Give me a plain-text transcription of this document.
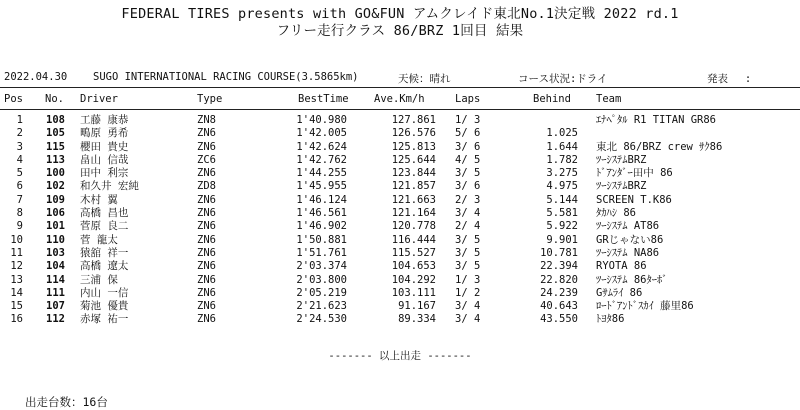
FEDERAL TIRES presents with GO&FUN アムクレイド東北No.1決定戦 2022 rd.1
フリー走行クラス 86/BRZ 1回目 結果
2022.04.30 SUGO INTERNATIONAL RACING COURSE(3.5865km)	天候：晴れ	コース状況:ドライ	発表　 :
Pos No. Driver	Type	BestTime Ave.Km/h	Laps	Behind Team
1	108 工藤 康恭	ZN8	1'40.980	127.861 1/ 3	ｴﾅﾍﾟﾀﾙ R1 TITAN GR86
2	105 鴫原 勇希	ZN6	1'42.005	126.576 5/ 6	1.025
3	115 櫻田 貴史	ZN6	1'42.624	125.813 3/ 6	1.644 東北 86/BRZ crew ｻｸ86
4	113 畠山 信哉	ZC6	1'42.762	125.644 4/ 5	1.782 ﾂｰｼｽﾃﾑBRZ
5	100 田中 利宗	ZN6	1'44.255	123.844 3/ 5	3.275 ﾄﾞｱﾝﾀﾞｰ田中 86
6	102 和久井 宏純	ZD8	1'45.955	121.857 3/ 6	4.975 ﾂｰｼｽﾃﾑBRZ
7	109 木村 翼	ZN6	1'46.124	121.663 2/ 3	5.144 SCREEN T.K86
8	106 高橋 昌也	ZN6	1'46.561	121.164 3/ 4	5.581 ﾀｶﾊｼ 86
9	101 菅原 良二	ZN6	1'46.902	120.778 2/ 4	5.922 ﾂｰｼｽﾃﾑ AT86
10	110 菅 龍太	ZN6	1'50.881	116.444 3/ 5	9.901 GRじゃない86
11	103 猿舘 祥一	ZN6	1'51.761	115.527 3/ 5	10.781 ﾂｰｼｽﾃﾑ NA86
12	104 高橋 遼太	ZN6	2'03.374	104.653 3/ 5	22.394 RYOTA 86
13	114 三浦 保	ZN6	2'03.800	104.292 1/ 3	22.820 ﾂｰｼｽﾃﾑ 86ﾀｰﾎﾞ
14	111 内山 一信	ZN6	2'05.219	103.111 1/ 2	24.239 Gｻﾑﾗｲ 86
15	107 菊池 優貴	ZN6	2'21.623	91.167 3/ 4	40.643 ﾛｰﾄﾞｱﾝﾄﾞｽｶｲ 藤里86
16	112 赤塚 祐一	ZN6	2'24.530	89.334 3/ 4	43.550 ﾄﾖﾀ86
------- 以上出走 -------
出走台数：16台
